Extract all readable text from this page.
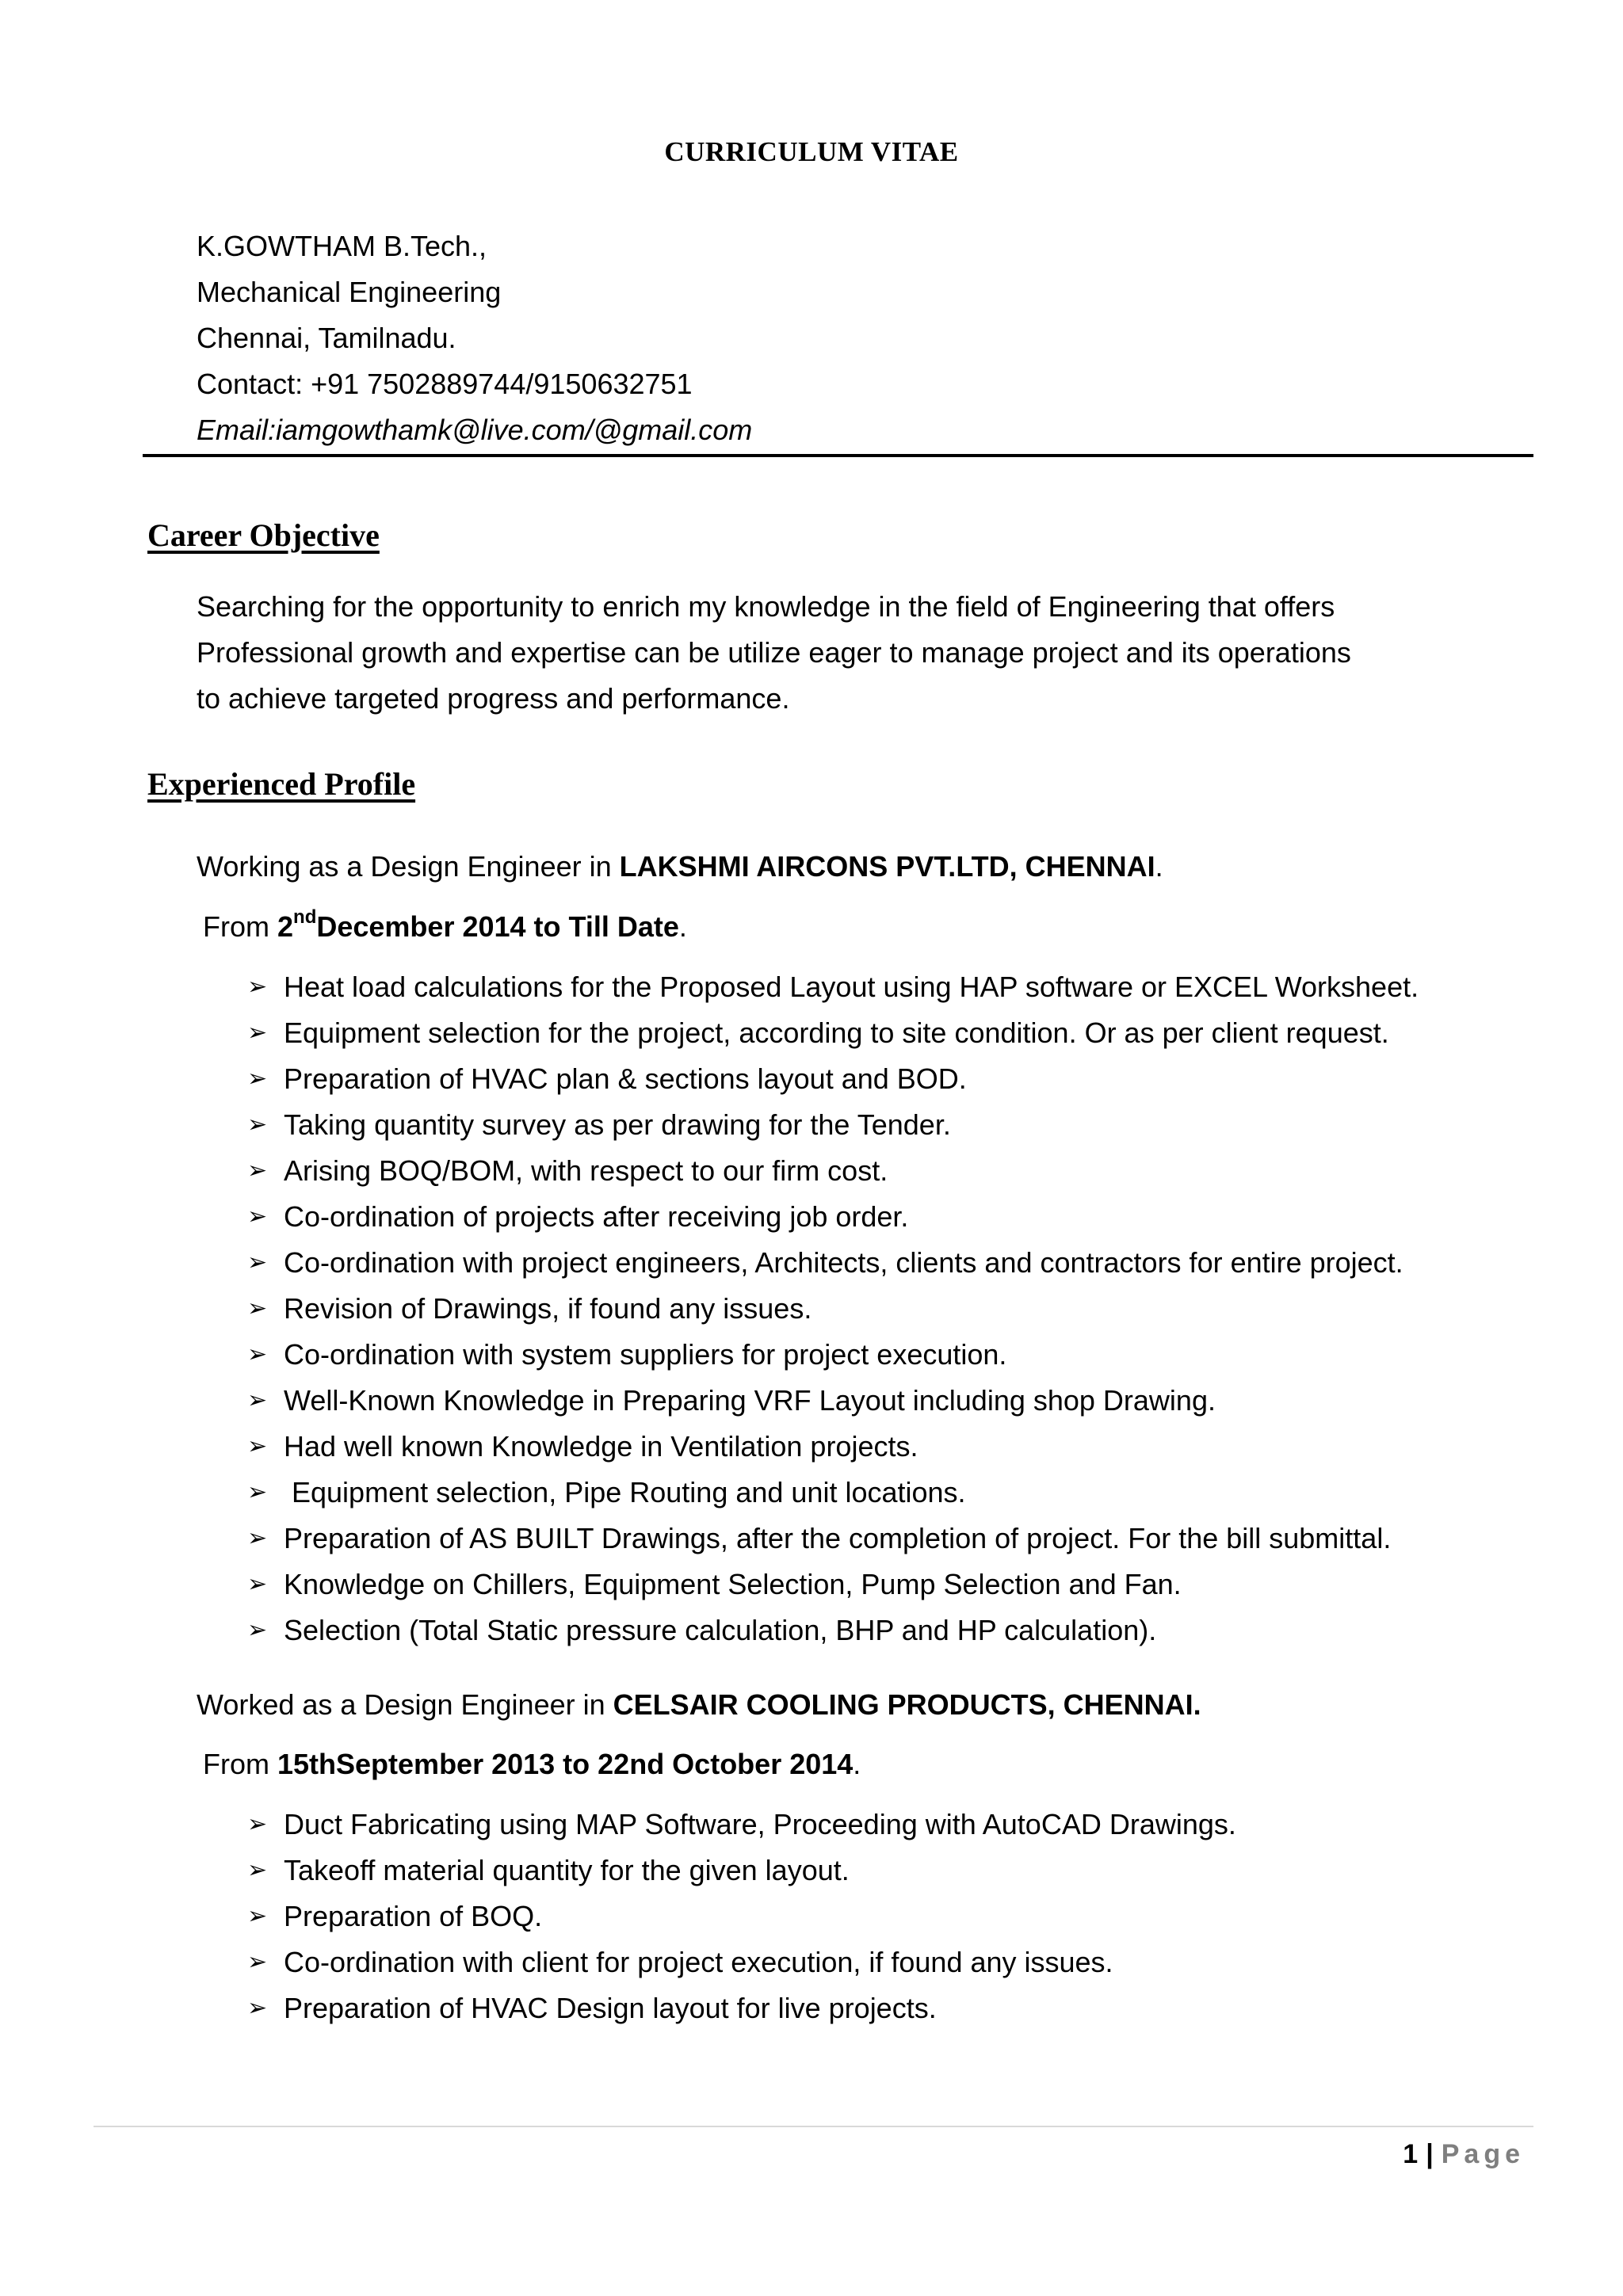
CURRICULUM VITAE
K.GOWTHAM B.Tech.,
Mechanical Engineering
Chennai, Tamilnadu.
Contact: +91 7502889744/9150632751
Email:iamgowthamk@live.com/@gmail.com
Career Objective
Searching for the opportunity to enrich my knowledge in the field of Engineering that offers
Professional growth and expertise can be utilize eager to manage project and its operations
to achieve targeted progress and performance.
Experienced Profile
Working as a Design Engineer in LAKSHMI AIRCONS PVT.LTD, CHENNAI.
From 2ndDecember 2014 to Till Date.
➢ Heat load calculations for the Proposed Layout using HAP software or EXCEL Worksheet.
➢ Equipment selection for the project, according to site condition. Or as per client request.
➢ Preparation of HVAC plan & sections layout and BOD.
➢ Taking quantity survey as per drawing for the Tender.
➢ Arising BOQ/BOM, with respect to our firm cost.
➢ Co-ordination of projects after receiving job order.
➢ Co-ordination with project engineers, Architects, clients and contractors for entire project.
➢ Revision of Drawings, if found any issues.
➢ Co-ordination with system suppliers for project execution.
➢ Well-Known Knowledge in Preparing VRF Layout including shop Drawing.
➢ Had well known Knowledge in Ventilation projects.
➢ Equipment selection, Pipe Routing and unit locations.
➢ Preparation of AS BUILT Drawings, after the completion of project. For the bill submittal.
➢ Knowledge on Chillers, Equipment Selection, Pump Selection and Fan.
➢ Selection (Total Static pressure calculation, BHP and HP calculation).
Worked as a Design Engineer in CELSAIR COOLING PRODUCTS, CHENNAI.
From 15thSeptember 2013 to 22nd October 2014.
➢ Duct Fabricating using MAP Software, Proceeding with AutoCAD Drawings.
➢ Takeoff material quantity for the given layout.
➢ Preparation of BOQ.
➢ Co-ordination with client for project execution, if found any issues.
➢ Preparation of HVAC Design layout for live projects.
1 | Page
